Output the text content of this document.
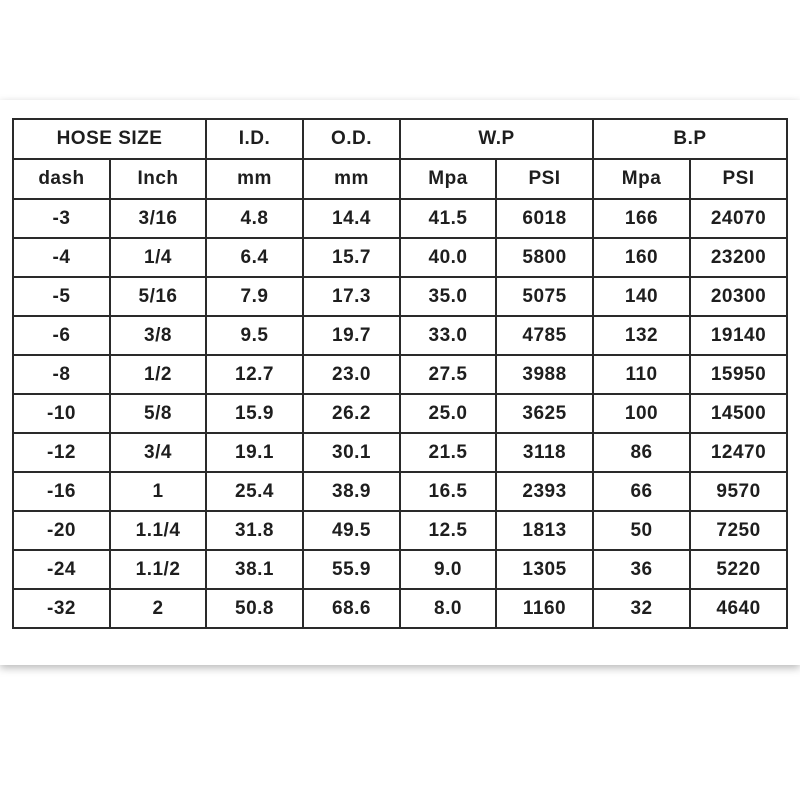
HOSE SIZE		I.D.	O.D.	W.P		B.P	
dash	Inch	mm	mm	Mpa	PSI	Mpa	PSI
-3	3/16	4.8	14.4	41.5	6018	166	24070
-4	1/4	6.4	15.7	40.0	5800	160	23200
-5	5/16	7.9	17.3	35.0	5075	140	20300
-6	3/8	9.5	19.7	33.0	4785	132	19140
-8	1/2	12.7	23.0	27.5	3988	110	15950
-10	5/8	15.9	26.2	25.0	3625	100	14500
-12	3/4	19.1	30.1	21.5	3118	86	12470
-16	1	25.4	38.9	16.5	2393	66	9570
-20	1.1/4	31.8	49.5	12.5	1813	50	7250
-24	1.1/2	38.1	55.9	9.0	1305	36	5220
-32	2	50.8	68.6	8.0	1160	32	4640
